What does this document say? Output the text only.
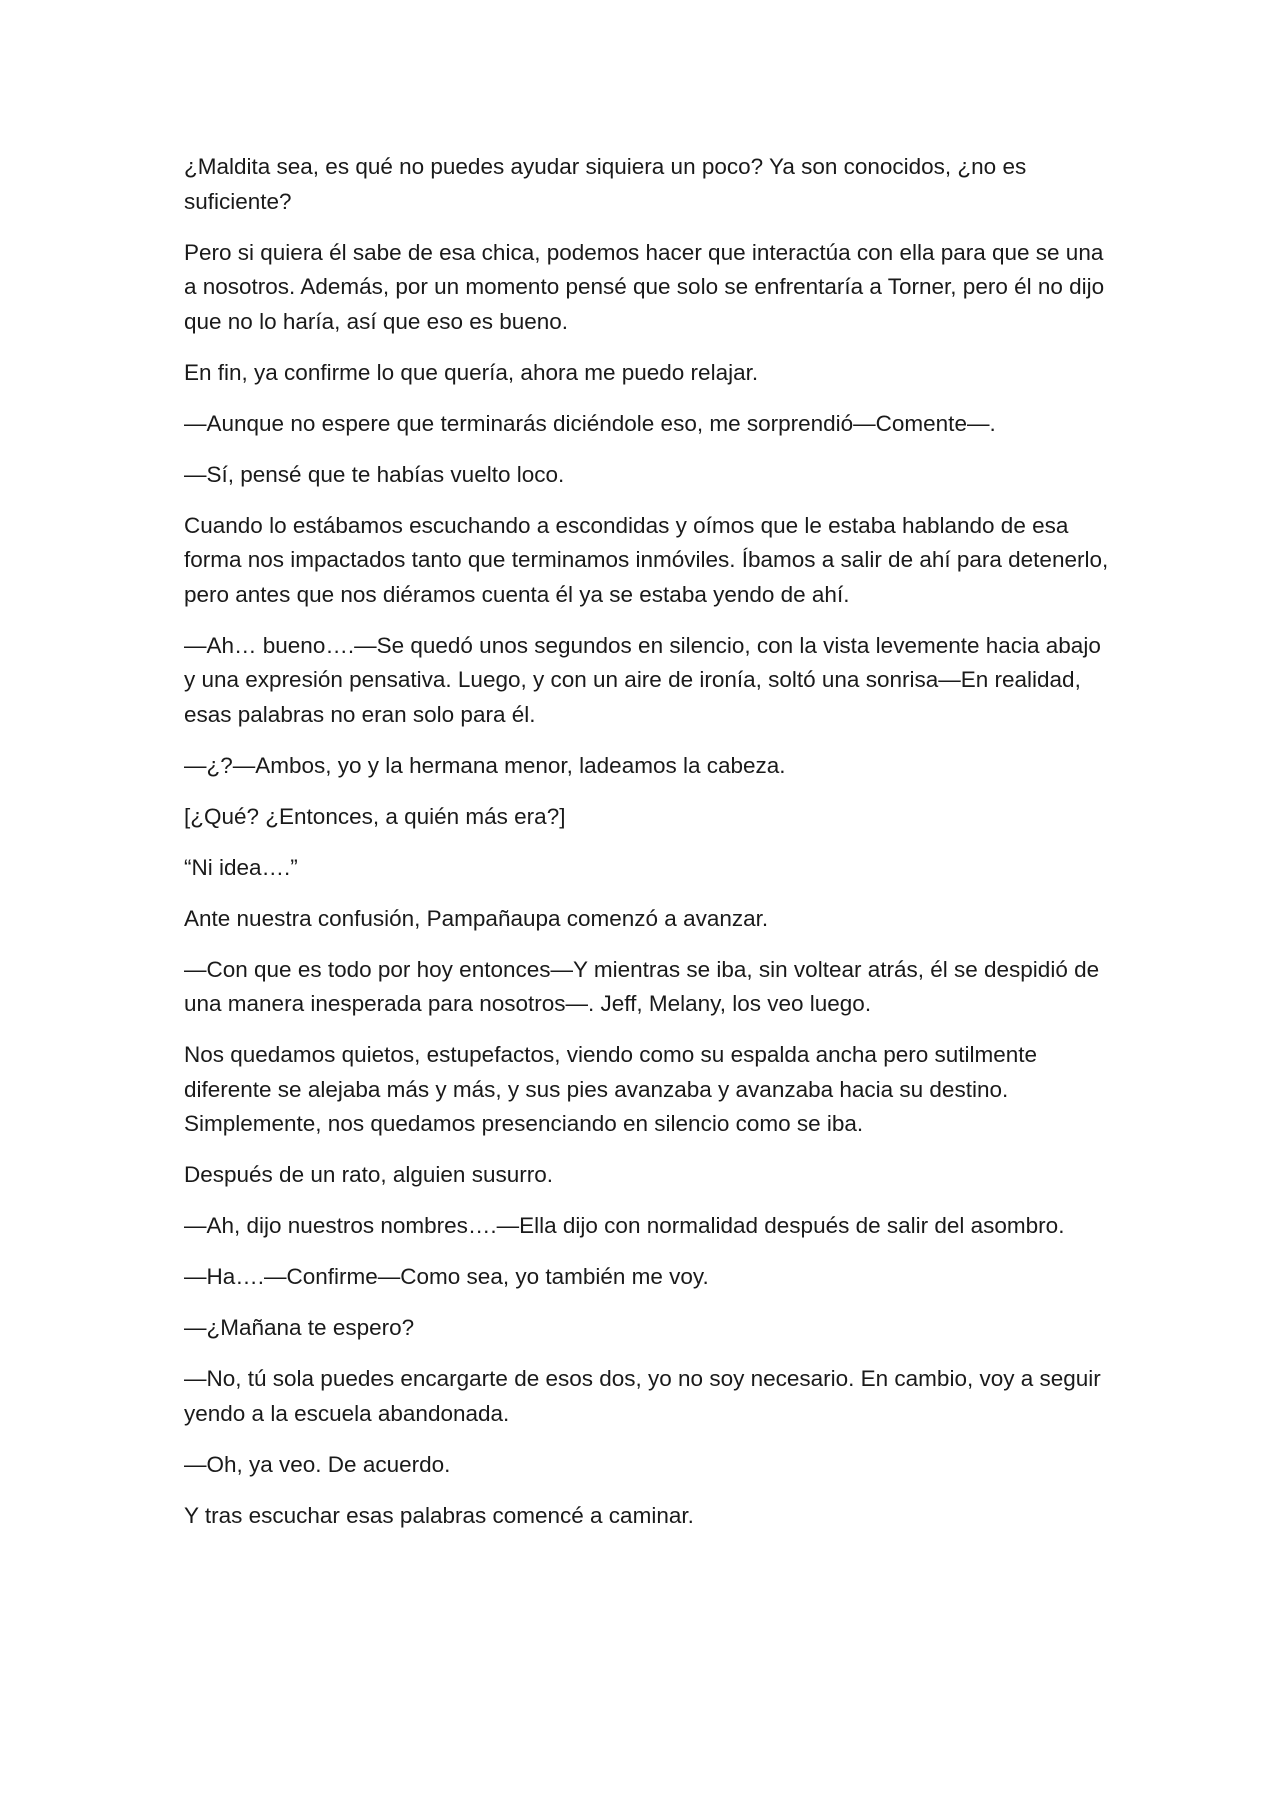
¿Maldita sea, es qué no puedes ayudar siquiera un poco? Ya son conocidos, ¿no es suficiente?

Pero si quiera él sabe de esa chica, podemos hacer que interactúa con ella para que se una a nosotros. Además, por un momento pensé que solo se enfrentaría a Torner, pero él no dijo que no lo haría, así que eso es bueno.

En fin, ya confirme lo que quería, ahora me puedo relajar.

—Aunque no espere que terminarás diciéndole eso, me sorprendió—Comente—.

—Sí, pensé que te habías vuelto loco.

Cuando lo estábamos escuchando a escondidas y oímos que le estaba hablando de esa forma nos impactados tanto que terminamos inmóviles. Íbamos a salir de ahí para detenerlo, pero antes que nos diéramos cuenta él ya se estaba yendo de ahí.

—Ah… bueno….—Se quedó unos segundos en silencio, con la vista levemente hacia abajo y una expresión pensativa. Luego, y con un aire de ironía, soltó una sonrisa—En realidad, esas palabras no eran solo para él.

—¿?—Ambos, yo y la hermana menor, ladeamos la cabeza.

[¿Qué? ¿Entonces, a quién más era?]

“Ni idea….”

Ante nuestra confusión, Pampañaupa comenzó a avanzar.

—Con que es todo por hoy entonces—Y mientras se iba, sin voltear atrás, él se despidió de una manera inesperada para nosotros—. Jeff, Melany, los veo luego.

Nos quedamos quietos, estupefactos, viendo como su espalda ancha pero sutilmente diferente se alejaba más y más, y sus pies avanzaba y avanzaba hacia su destino. Simplemente, nos quedamos presenciando en silencio como se iba.

Después de un rato, alguien susurro.

—Ah, dijo nuestros nombres….—Ella dijo con normalidad después de salir del asombro.

—Ha….—Confirme—Como sea, yo también me voy.

—¿Mañana te espero?

—No, tú sola puedes encargarte de esos dos, yo no soy necesario. En cambio, voy a seguir yendo a la escuela abandonada.

—Oh, ya veo. De acuerdo.

Y tras escuchar esas palabras comencé a caminar.
